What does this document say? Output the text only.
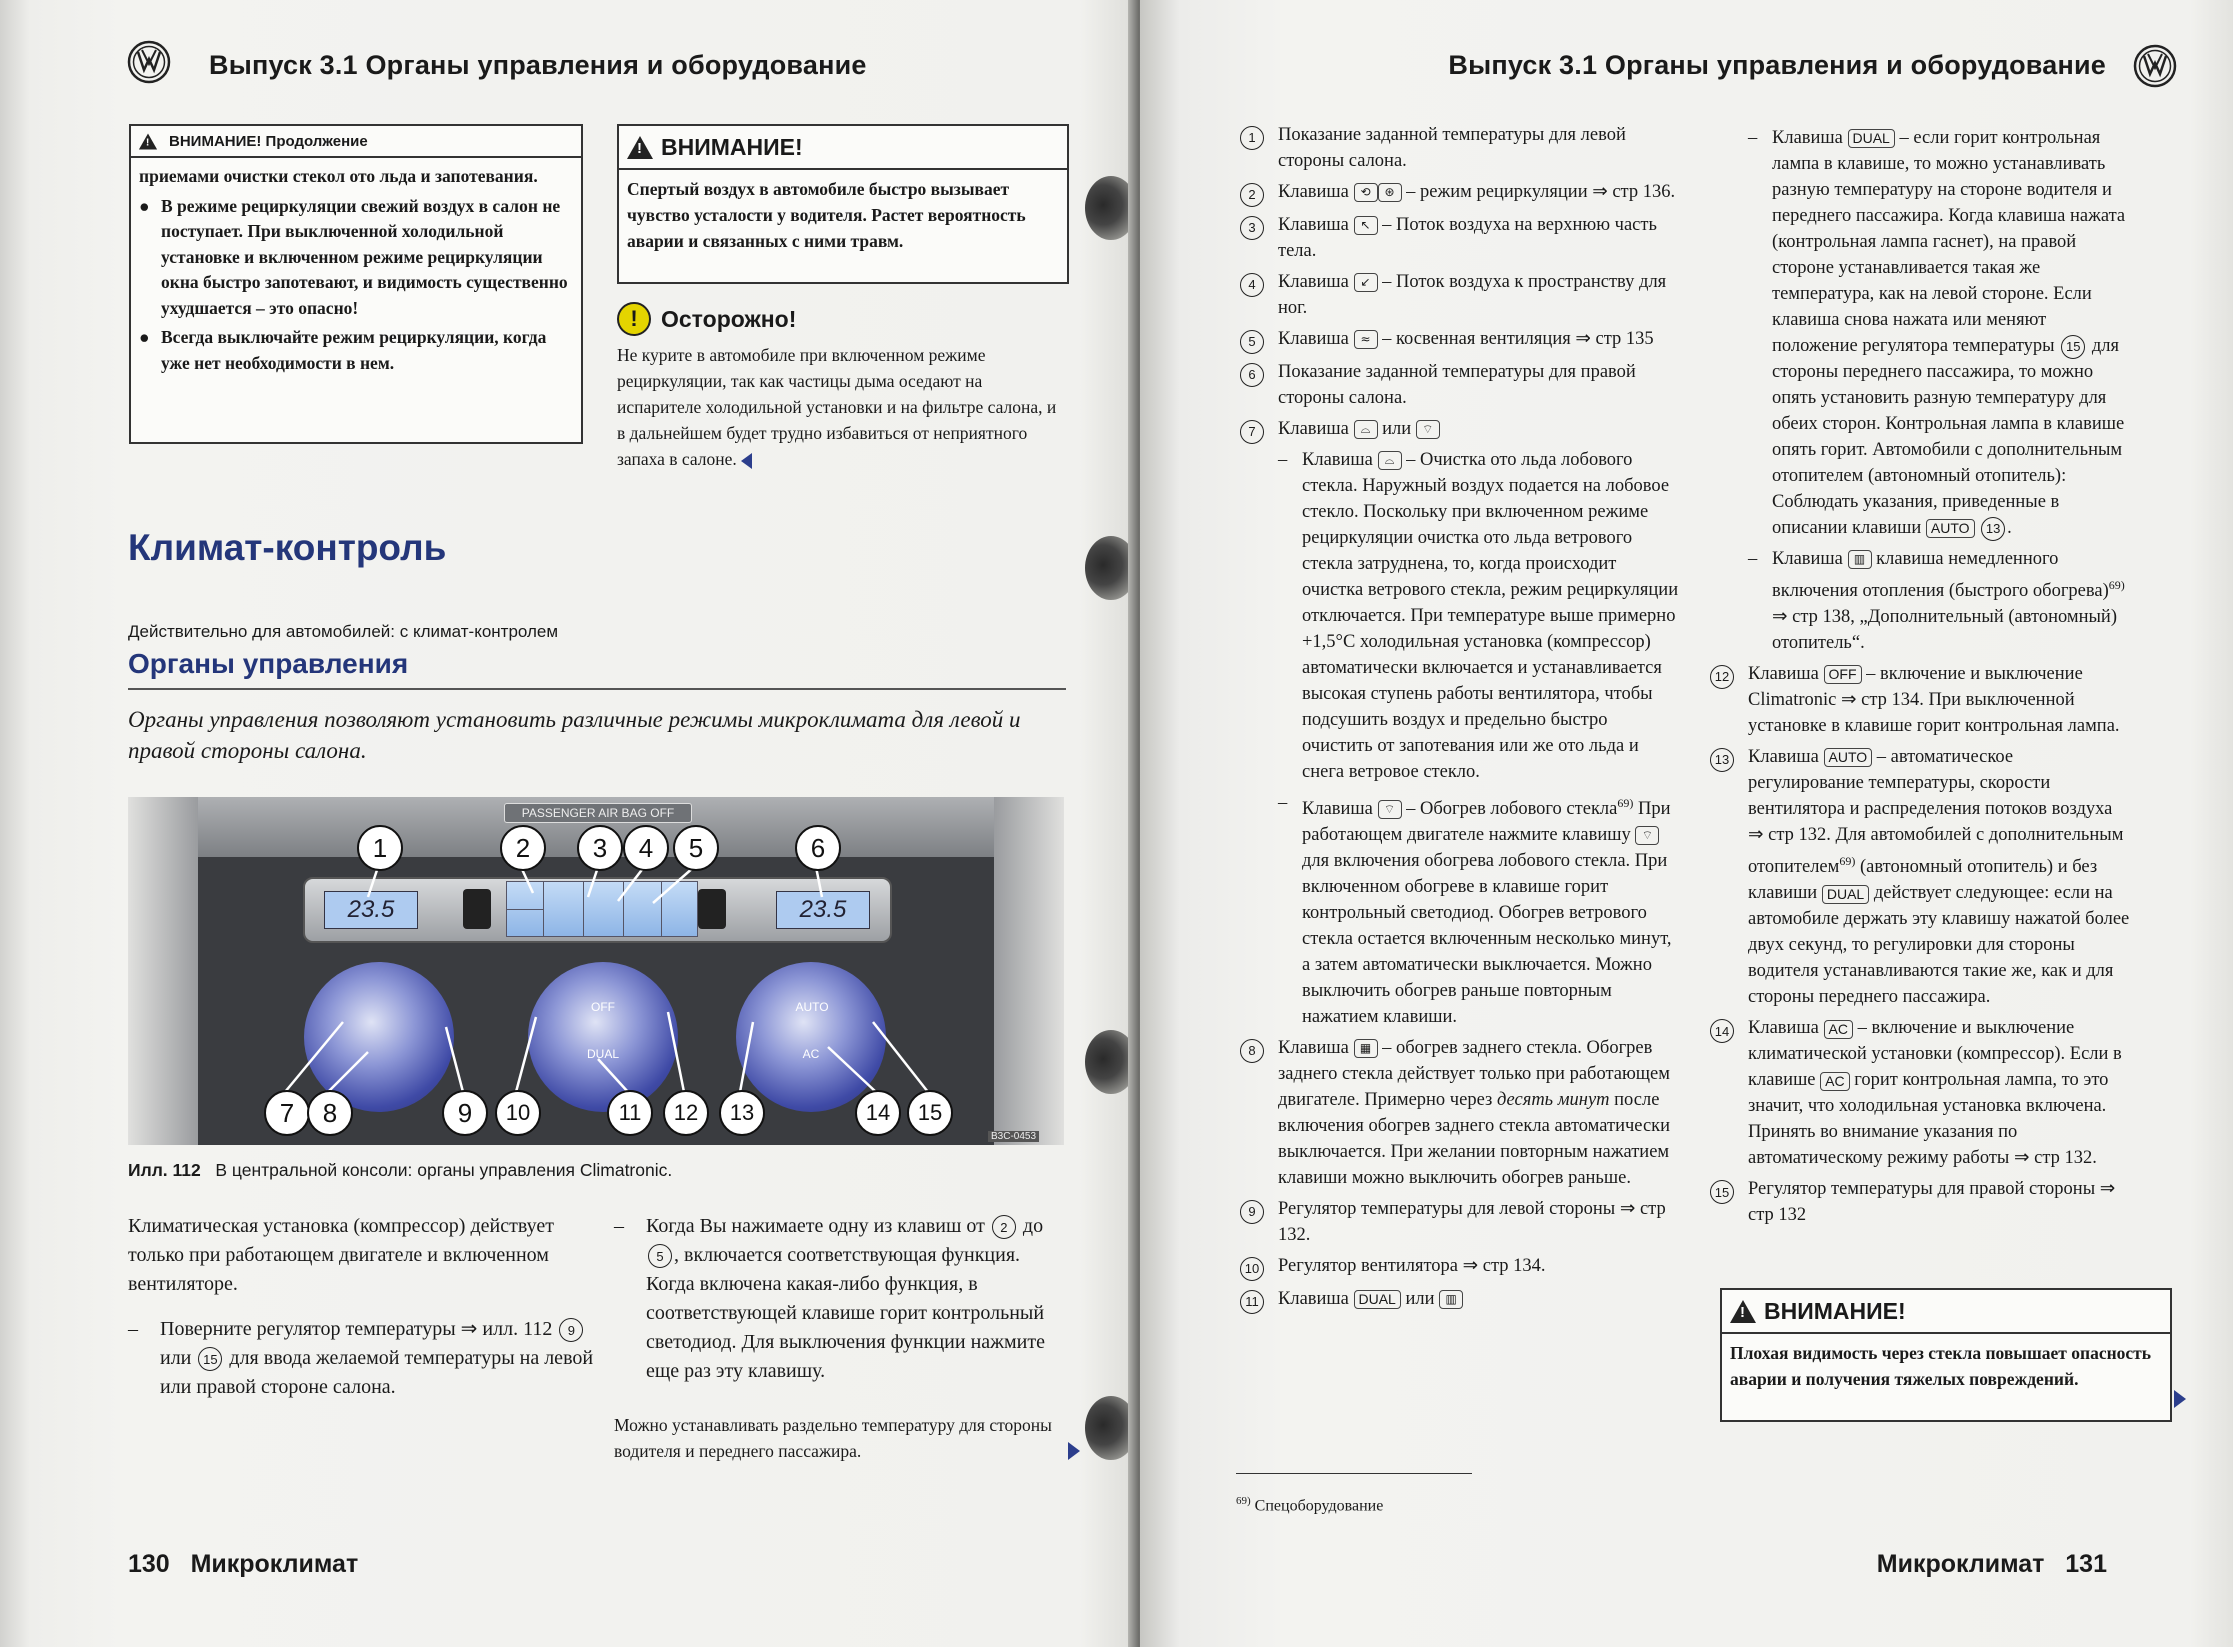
Выпуск 3.1 Органы управления и оборудование
!
ВНИМАНИЕ! Продолжение
приемами очистки стекол ото льда и запотевания.
● В режиме рециркуляции свежий воздух в салон не поступает. При выключенной холодильной установке и включенном режиме рециркуляции окна быстро запотевают, и видимость существенно ухудшается – это опасно!
● Всегда выключайте режим рециркуляции, когда уже нет необходимости в нем.
!
ВНИМАНИЕ!
Спертый воздух в автомобиле быстро вызывает чувство усталости у водителя. Растет вероятность аварии и связанных с ними травм.
!	Осторожно!
Не курите в автомобиле при включенном режиме рециркуляции, так как частицы дыма оседают на испарителе холодильной установки и на фильтре салона, и в дальнейшем будет трудно избавиться от неприятного запаха в салоне.
Климат-контроль
Действительно для автомобилей: с климат-контролем
Органы управления
Органы управления позволяют установить различные режимы микроклимата для левой и правой стороны салона.
PASSENGER AIR BAG OFF
23.5	23.5
OFF
DUAL
AUTO
AC
1	2	3	4	5	6
7	8	9	10	11	12	13	14	15
B3C-0453
Илл. 112 В центральной консоли: органы управления Climatronic.
Климатическая установка (компрессор) действует только при работающем двигателе и включенном вентиляторе.
–	Поверните регулятор температуры ⇒ илл. 112 9 или 15 для ввода желаемой температуры на левой или правой стороне салона.
–	Когда Вы нажимаете одну из клавиш от 2 до 5 , включается соответствующая функция. Когда включена какая-либо функция, в соответствующей клавише горит контрольный светодиод. Для выключения функции нажмите еще раз эту клавишу.
Можно устанавливать раздельно температуру для стороны водителя и переднего пассажира.
130 Микроклимат
Выпуск 3.1 Органы управления и оборудование
1	Показание заданной температуры для левой стороны салона.
2	Клавиша ⟲ ⊛ – режим рециркуляции ⇒ стр 136.
3	Клавиша ↖ – Поток воздуха на верхнюю часть тела.
4	Клавиша ↙ – Поток воздуха к пространству для ног.
5	Клавиша ≈ – косвенная вентиляция ⇒ стр 135
6	Показание заданной температуры для правой стороны салона.
7	Клавиша ⌓ или ⌔
– Клавиша ⌓ – Очистка ото льда лобового стекла. Наружный воздух подается на лобовое стекло. Поскольку при включенном режиме рециркуляции очистка ото льда ветрового стекла затруднена, то, когда происходит очистка ветрового стекла, режим рециркуляции отключается. При температуре выше примерно +1,5°C холодильная установка (компрессор) автоматически включается и устанавливается высокая ступень работы вентилятора, чтобы подсушить воздух и предельно быстро очистить от запотевания или же ото льда и снега ветровое стекло.
– Клавиша ⌔ – Обогрев лобового стекла$^{69)}$ При работающем двигателе нажмите клавишу ⌔ для включения обогрева лобового стекла. При включенном обогреве в клавише горит контрольный светодиод. Обогрев ветрового стекла остается включенным несколько минут, а затем автоматически выключается. Можно выключить обогрев раньше повторным нажатием клавиши.
8	Клавиша ▦ – обогрев заднего стекла. Обогрев заднего стекла действует только при работающем двигателе. Примерно через десять минут после включения обогрев заднего стекла автоматически выключается. При желании повторным нажатием клавиши можно выключить обогрев раньше.
9	Регулятор температуры для левой стороны ⇒ стр 132.
10	Регулятор вентилятора ⇒ стр 134.
11	Клавиша DUAL или ▥
$^{69)}$ Спецоборудование
– Клавиша DUAL – если горит контрольная лампа в клавише, то можно устанавливать разную температуру на стороне водителя и переднего пассажира. Когда клавиша нажата (контрольная лампа гаснет), на правой стороне устанавливается такая же температура, как на левой стороне. Если клавиша снова нажата или меняют положение регулятора температуры 15 для стороны переднего пассажира, то можно опять установить разную температуру для обеих сторон. Контрольная лампа в клавише опять горит. Автомобили с дополнительным отопителем (автономный отопитель): Соблюдать указания, приведенные в описании клавиши AUTO 13 .
– Клавиша ▥ клавиша немедленного включения отопления (быстрого обогрева)$^{69)}$ ⇒ стр 138, „Дополнительный (автономный) отопитель“.
12	Клавиша OFF – включение и выключение Climatronic ⇒ стр 134. При выключенной установке в клавише горит контрольная лампа.
13	Клавиша AUTO – автоматическое регулирование температуры, скорости вентилятора и распределения потоков воздуха ⇒ стр 132. Для автомобилей с дополнительным отопителем$^{69)}$ (автономный отопитель) и без клавиши DUAL действует следующее: если на автомобиле держать эту клавишу нажатой более двух секунд, то регулировки для стороны водителя устанавливаются такие же, как и для стороны переднего пассажира.
14	Клавиша AC – включение и выключение климатической установки (компрессор). Если в клавише AC горит контрольная лампа, то это значит, что холодильная установка включена. Принять во внимание указания по автоматическому режиму работы ⇒ стр 132.
15	Регулятор температуры для правой стороны ⇒ стр 132
!
ВНИМАНИЕ!
Плохая видимость через стекла повышает опасность аварии и получения тяжелых повреждений.
Микроклимат 131
